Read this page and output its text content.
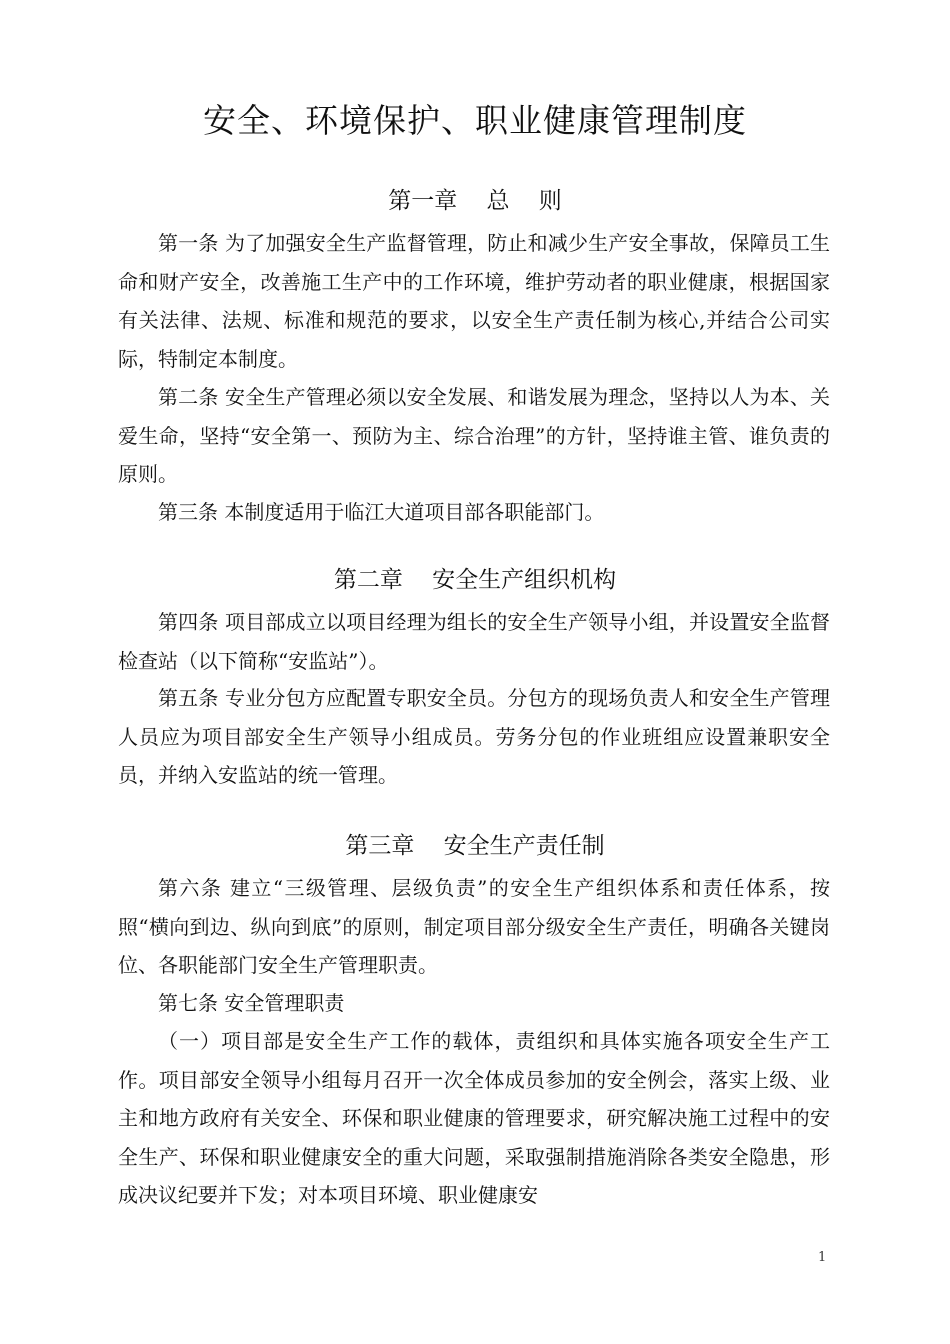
安全、环境保护、职业健康管理制度
第一章    总    则

第一条 为了加强安全生产监督管理，防止和减少生产安全事故，保障员工生命和财产安全，改善施工生产中的工作环境，维护劳动者的职业健康，根据国家有关法律、法规、标准和规范的要求，以安全生产责任制为核心,并结合公司实际，特制定本制度。

第二条 安全生产管理必须以安全发展、和谐发展为理念，坚持以人为本、关爱生命，坚持“安全第一、预防为主、综合治理”的方针，坚持谁主管、谁负责的原则。

第三条 本制度适用于临江大道项目部各职能部门。

第二章    安全生产组织机构

第四条 项目部成立以项目经理为组长的安全生产领导小组，并设置安全监督检查站（以下简称“安监站”）。

第五条 专业分包方应配置专职安全员。分包方的现场负责人和安全生产管理人员应为项目部安全生产领导小组成员。劳务分包的作业班组应设置兼职安全员，并纳入安监站的统一管理。

第三章    安全生产责任制

第六条 建立“三级管理、层级负责”的安全生产组织体系和责任体系，按照“横向到边、纵向到底”的原则，制定项目部分级安全生产责任，明确各关键岗位、各职能部门安全生产管理职责。

第七条 安全管理职责

（一）项目部是安全生产工作的载体，责组织和具体实施各项安全生产工作。项目部安全领导小组每月召开一次全体成员参加的安全例会，落实上级、业主和地方政府有关安全、环保和职业健康的管理要求，研究解决施工过程中的安全生产、环保和职业健康安全的重大问题，采取强制措施消除各类安全隐患，形成决议纪要并下发；对本项目环境、职业健康安

1
